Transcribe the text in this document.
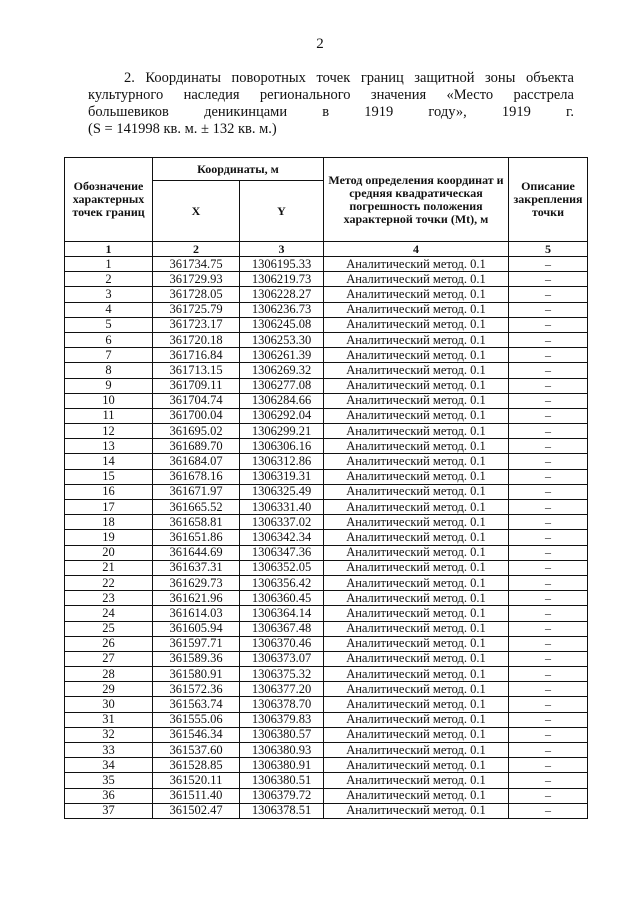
2
2. Координаты поворотных точек границ защитной зоны объекта
культурного наследия регионального значения «Место расстрела
большевиков деникинцами в 1919 году», 1919 г.
(S = 141998 кв. м. ± 132 кв. м.)
Обозначение характерных точек границ	Координаты, м		Метод определения координат и средняя квадратическая погрешность положения характерной точки (Мt), м	Описание закрепления точки
	X	Y		
1	2	3	4	5
1	361734.75	1306195.33	Аналитический метод. 0.1	–
2	361729.93	1306219.73	Аналитический метод. 0.1	–
3	361728.05	1306228.27	Аналитический метод. 0.1	–
4	361725.79	1306236.73	Аналитический метод. 0.1	–
5	361723.17	1306245.08	Аналитический метод. 0.1	–
6	361720.18	1306253.30	Аналитический метод. 0.1	–
7	361716.84	1306261.39	Аналитический метод. 0.1	–
8	361713.15	1306269.32	Аналитический метод. 0.1	–
9	361709.11	1306277.08	Аналитический метод. 0.1	–
10	361704.74	1306284.66	Аналитический метод. 0.1	–
11	361700.04	1306292.04	Аналитический метод. 0.1	–
12	361695.02	1306299.21	Аналитический метод. 0.1	–
13	361689.70	1306306.16	Аналитический метод. 0.1	–
14	361684.07	1306312.86	Аналитический метод. 0.1	–
15	361678.16	1306319.31	Аналитический метод. 0.1	–
16	361671.97	1306325.49	Аналитический метод. 0.1	–
17	361665.52	1306331.40	Аналитический метод. 0.1	–
18	361658.81	1306337.02	Аналитический метод. 0.1	–
19	361651.86	1306342.34	Аналитический метод. 0.1	–
20	361644.69	1306347.36	Аналитический метод. 0.1	–
21	361637.31	1306352.05	Аналитический метод. 0.1	–
22	361629.73	1306356.42	Аналитический метод. 0.1	–
23	361621.96	1306360.45	Аналитический метод. 0.1	–
24	361614.03	1306364.14	Аналитический метод. 0.1	–
25	361605.94	1306367.48	Аналитический метод. 0.1	–
26	361597.71	1306370.46	Аналитический метод. 0.1	–
27	361589.36	1306373.07	Аналитический метод. 0.1	–
28	361580.91	1306375.32	Аналитический метод. 0.1	–
29	361572.36	1306377.20	Аналитический метод. 0.1	–
30	361563.74	1306378.70	Аналитический метод. 0.1	–
31	361555.06	1306379.83	Аналитический метод. 0.1	–
32	361546.34	1306380.57	Аналитический метод. 0.1	–
33	361537.60	1306380.93	Аналитический метод. 0.1	–
34	361528.85	1306380.91	Аналитический метод. 0.1	–
35	361520.11	1306380.51	Аналитический метод. 0.1	–
36	361511.40	1306379.72	Аналитический метод. 0.1	–
37	361502.47	1306378.51	Аналитический метод. 0.1	–
